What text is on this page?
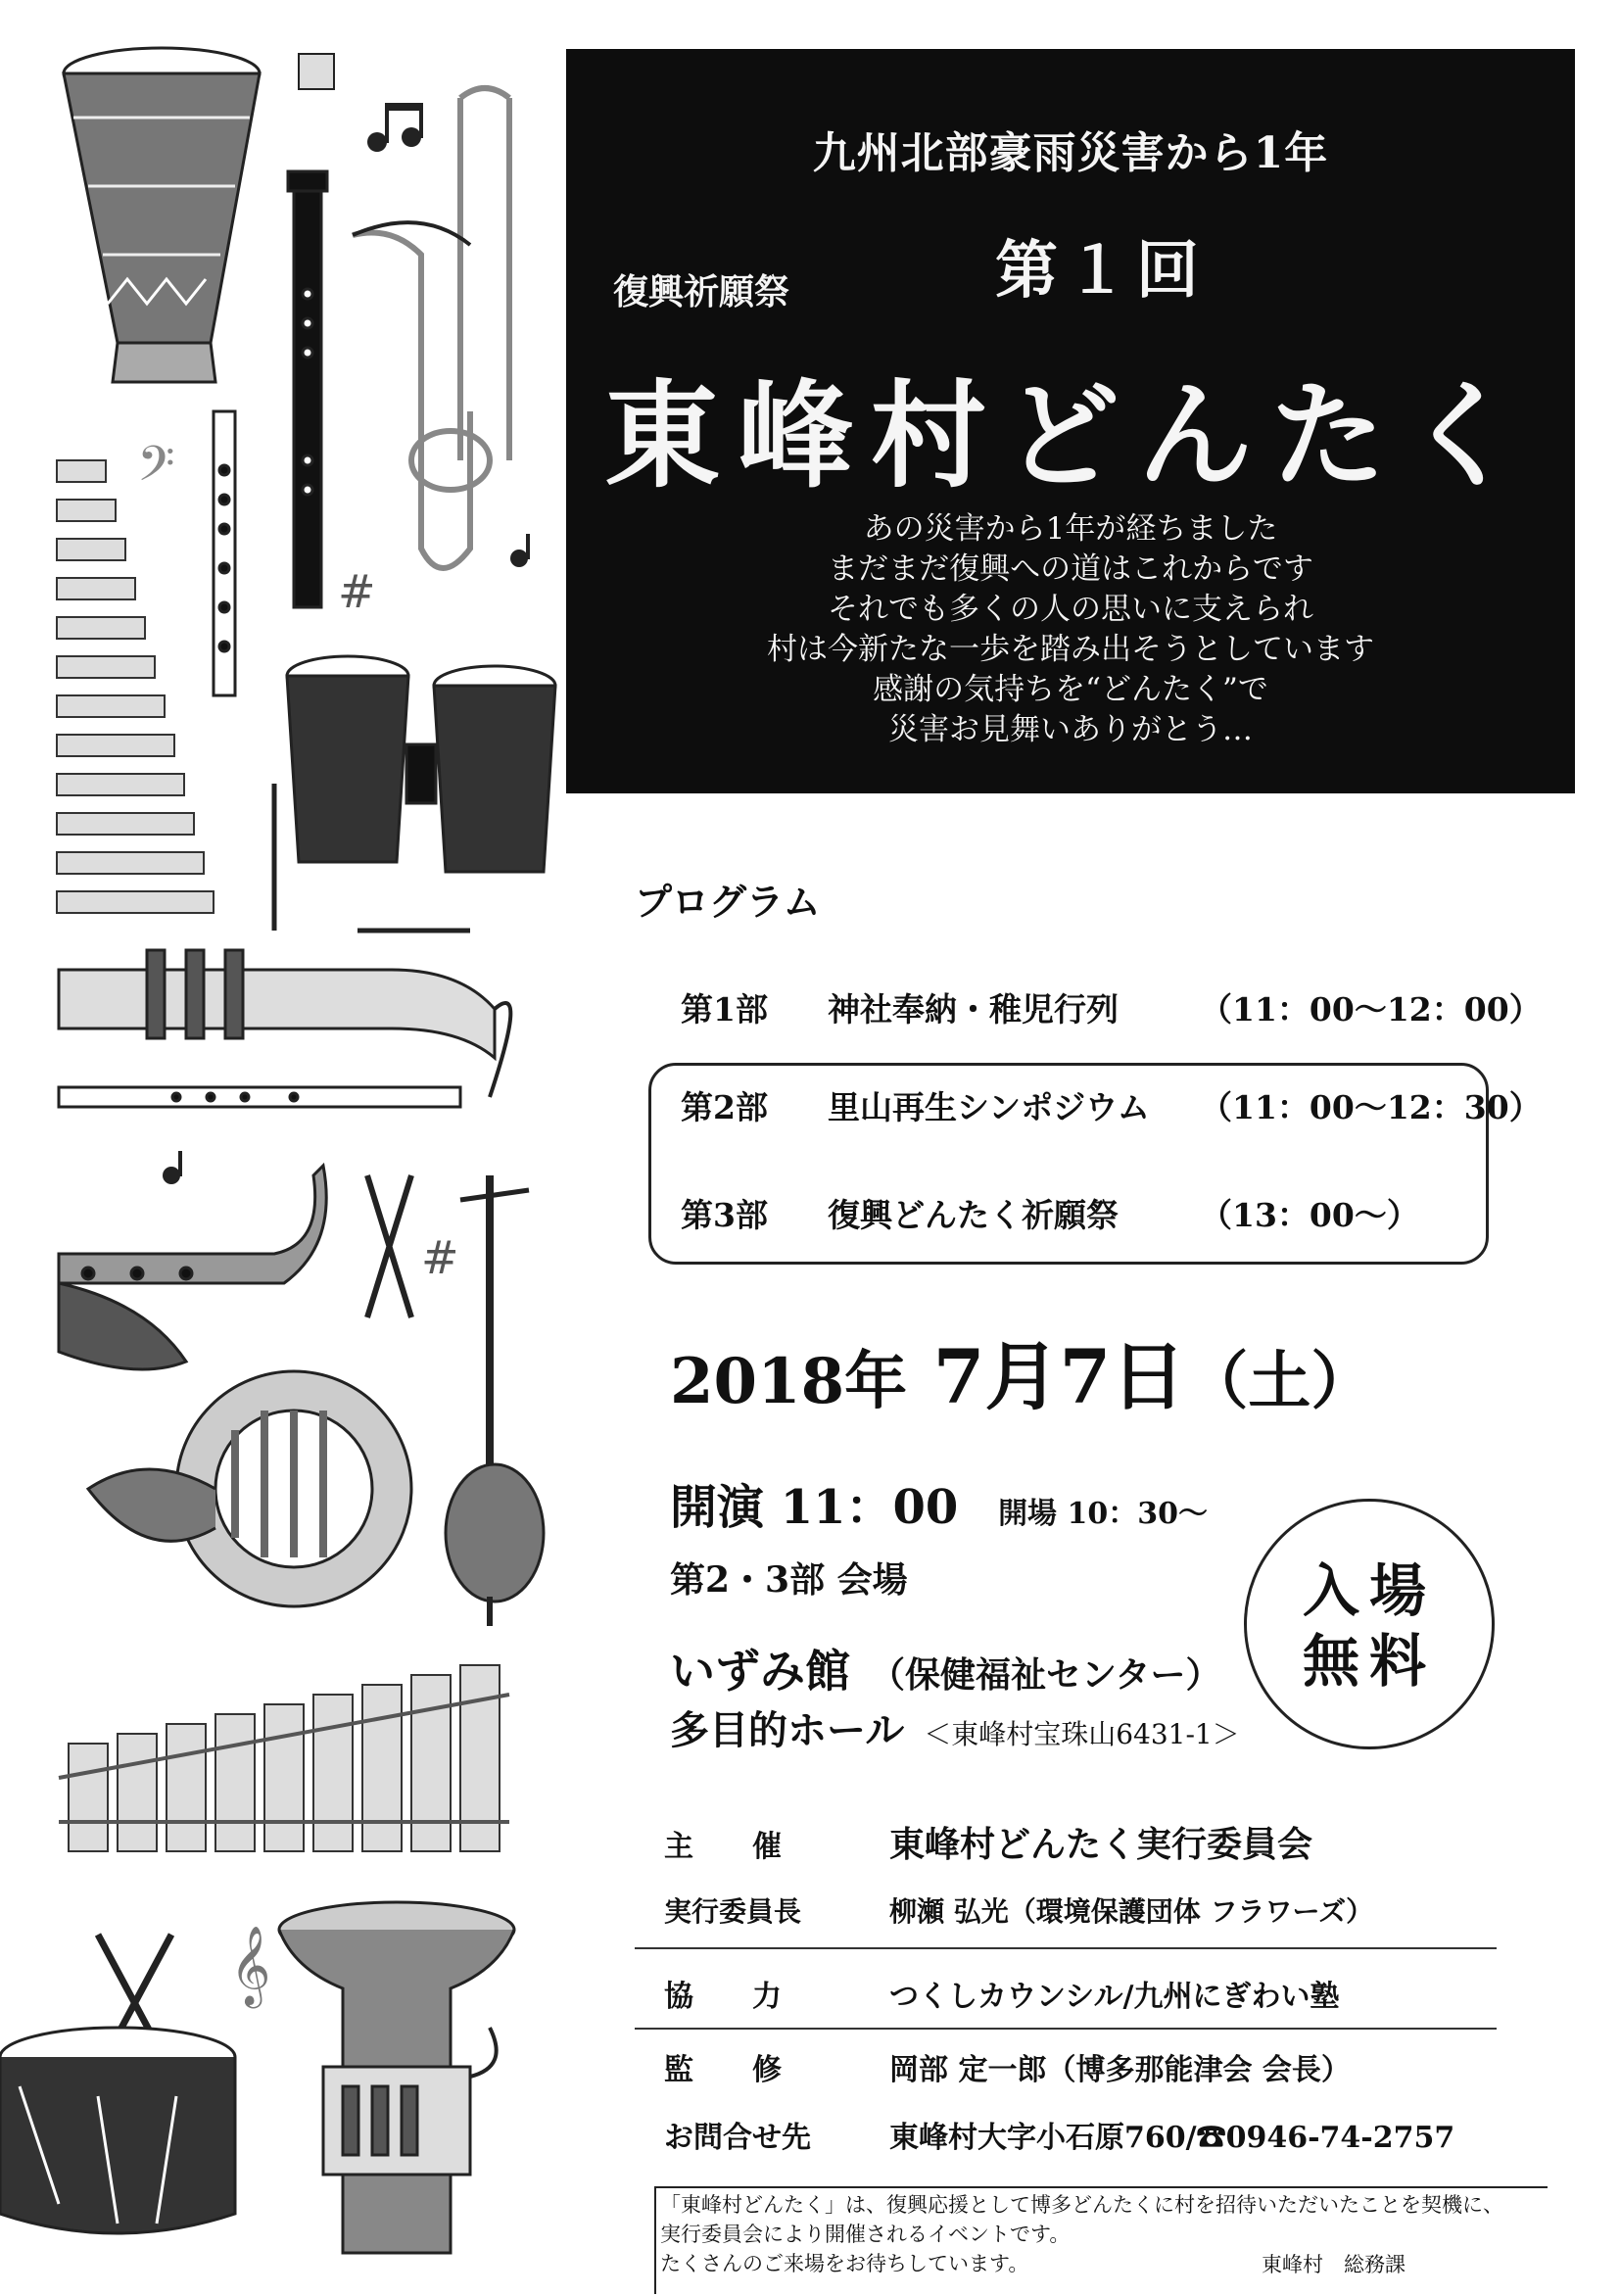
𝄢
#
#
𝄞
九州北部豪雨災害から1年
復興祈願祭	第１回
東峰村どんたく
あの災害から1年が経ちました
まだまだ復興への道はこれからです
それでも多くの人の思いに支えられ
村は今新たな一歩を踏み出そうとしています
感謝の気持ちを“どんたく”で
災害お見舞いありがとう…
プログラム
第1部 神社奉納・稚児行列	（11：00～12：00）
第2部 里山再生シンポジウム （11：00～12：30）
第3部 復興どんたく祈願祭	（13：00～）
2018年 7月7日（土）
開演 11：00 開場 10：30～
第2・3部 会場
いずみ館 （保健福祉センター）
多目的ホール ＜東峰村宝珠山6431-1＞
入場
無料
主　　催	東峰村どんたく実行委員会
実行委員長	柳瀬 弘光（環境保護団体 フラワーズ）
協　　力	つくしカウンシル/九州にぎわい塾
監　　修	岡部 定一郎（博多那能津会 会長）
お問合せ先	東峰村大字小石原760/☎0946-74-2757
「東峰村どんたく」は、復興応援として博多どんたくに村を招待いただいたことを契機に、
実行委員会により開催されるイベントです。
たくさんのご来場をお待ちしています。	東峰村　総務課
